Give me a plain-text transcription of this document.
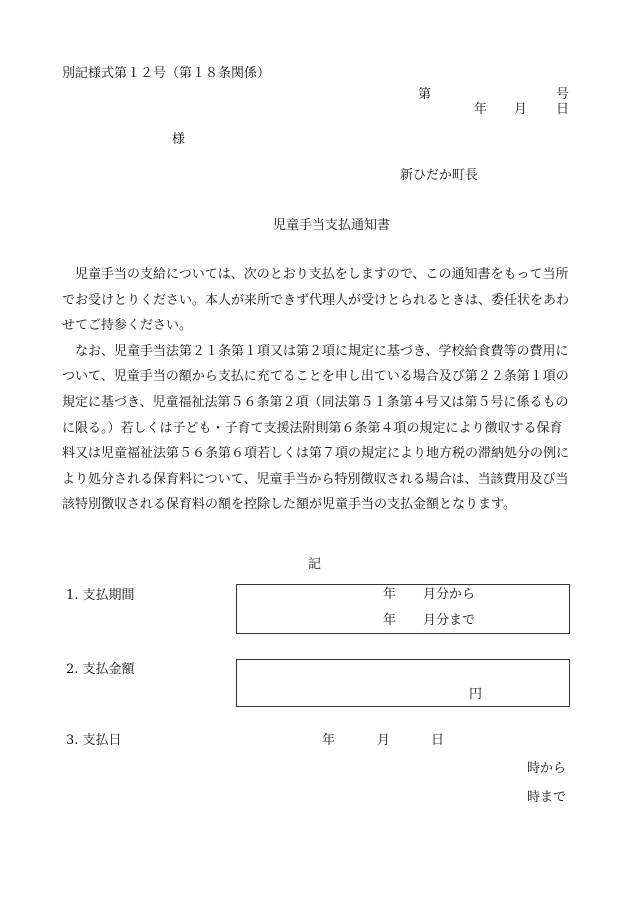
別記様式第１２号（第１８条関係）
第	号
年 月 日
様
新ひだか町長
児童手当支払通知書

児童手当の支給については、次のとおり支払をしますので、この通知書をもって当所でお受けとりください。本人が来所できず代理人が受けとられるときは、委任状をあわせてご持参ください。

なお、児童手当法第２１条第１項又は第２項に規定に基づき、学校給食費等の費用について、児童手当の額から支払に充てることを申し出ている場合及び第２２条第１項の規定に基づき、児童福祉法第５６条第２項（同法第５１条第４号又は第５号に係るものに限る。）若しくは子ども・子育て支援法附則第６条第４項の規定により徴収する保育料又は児童福祉法第５６条第６項若しくは第７項の規定により地方税の滞納処分の例により処分される保育料について、児童手当から特別徴収される場合は、当該費用及び当該特別徴収される保育料の額を控除した額が児童手当の支払金額となります。

記
1. 支払期間	年 月分から
年 月分まで
2. 支払金額
円
3. 支払日	年	月	日
時から
時まで
